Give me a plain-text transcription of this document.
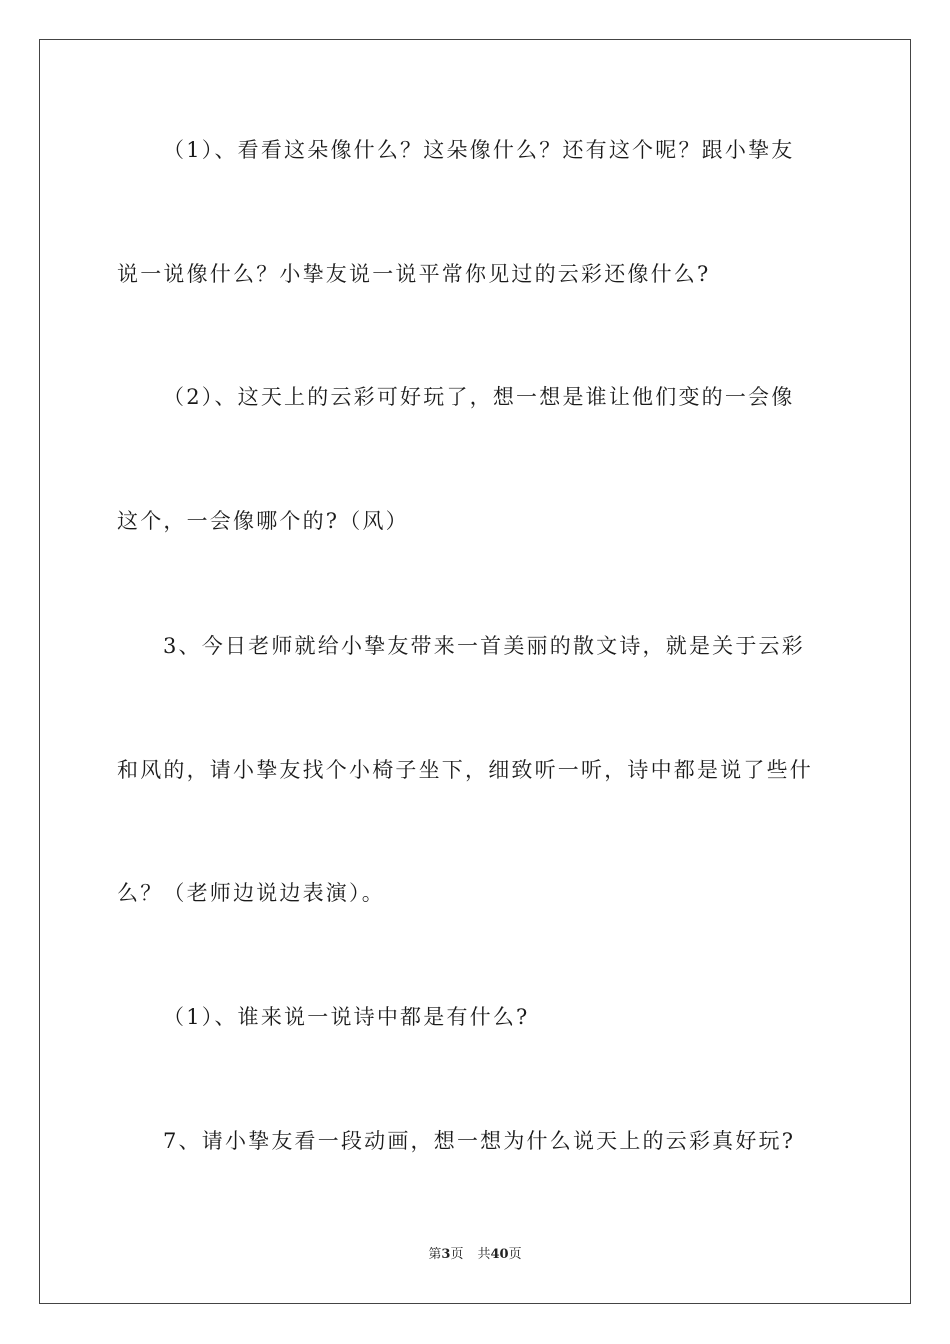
（1）、看看这朵像什么？这朵像什么？还有这个呢？跟小挚友

说一说像什么？小挚友说一说平常你见过的云彩还像什么?

（2）、这天上的云彩可好玩了，想一想是谁让他们变的一会像

这个，一会像哪个的?（风）

3、今日老师就给小挚友带来一首美丽的散文诗，就是关于云彩

和风的，请小挚友找个小椅子坐下，细致听一听，诗中都是说了些什

么？（老师边说边表演）。

（1）、谁来说一说诗中都是有什么?

7、请小挚友看一段动画，想一想为什么说天上的云彩真好玩?

第3页 共40页
